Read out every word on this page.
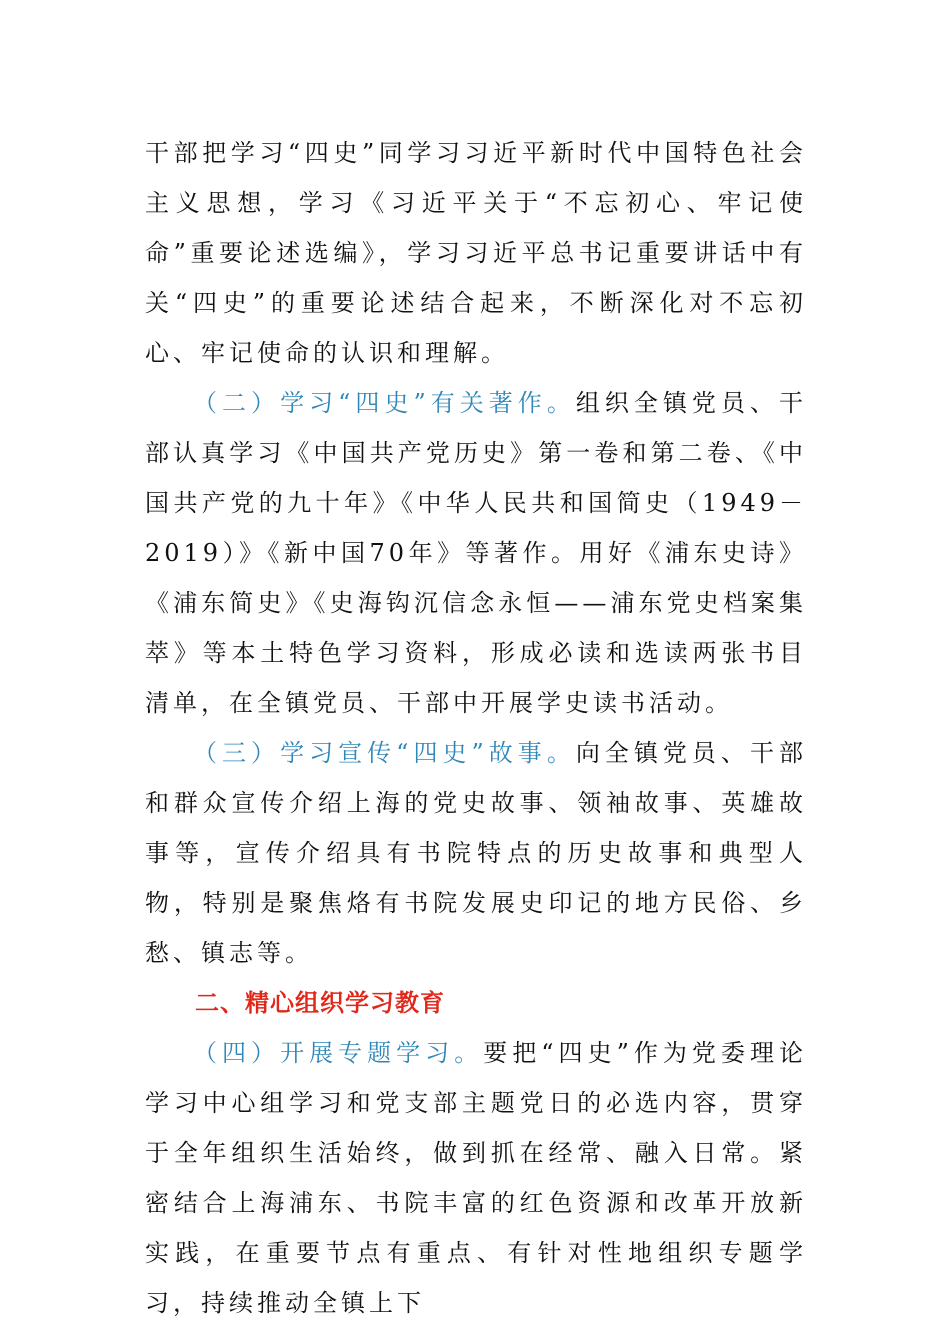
干部把学习“四史”同学习习近平新时代中国特色社会主义思想，学习《习近平关于“不忘初心、牢记使命”重要论述选编》，学习习近平总书记重要讲话中有关“四史”的重要论述结合起来，不断深化对不忘初心、牢记使命的认识和理解。

（二）学习“四史”有关著作。组织全镇党员、干部认真学习《中国共产党历史》第一卷和第二卷、《中国共产党的九十年》《中华人民共和国简史（1949－2019）》《新中国70年》等著作。用好《浦东史诗》《浦东简史》《史海钩沉信念永恒——浦东党史档案集萃》等本土特色学习资料，形成必读和选读两张书目清单，在全镇党员、干部中开展学史读书活动。

（三）学习宣传“四史”故事。向全镇党员、干部和群众宣传介绍上海的党史故事、领袖故事、英雄故事等，宣传介绍具有书院特点的历史故事和典型人物，特别是聚焦烙有书院发展史印记的地方民俗、乡愁、镇志等。

二、精心组织学习教育

（四）开展专题学习。要把“四史”作为党委理论学习中心组学习和党支部主题党日的必选内容，贯穿于全年组织生活始终，做到抓在经常、融入日常。紧密结合上海浦东、书院丰富的红色资源和改革开放新实践，在重要节点有重点、有针对性地组织专题学习，持续推动全镇上下
